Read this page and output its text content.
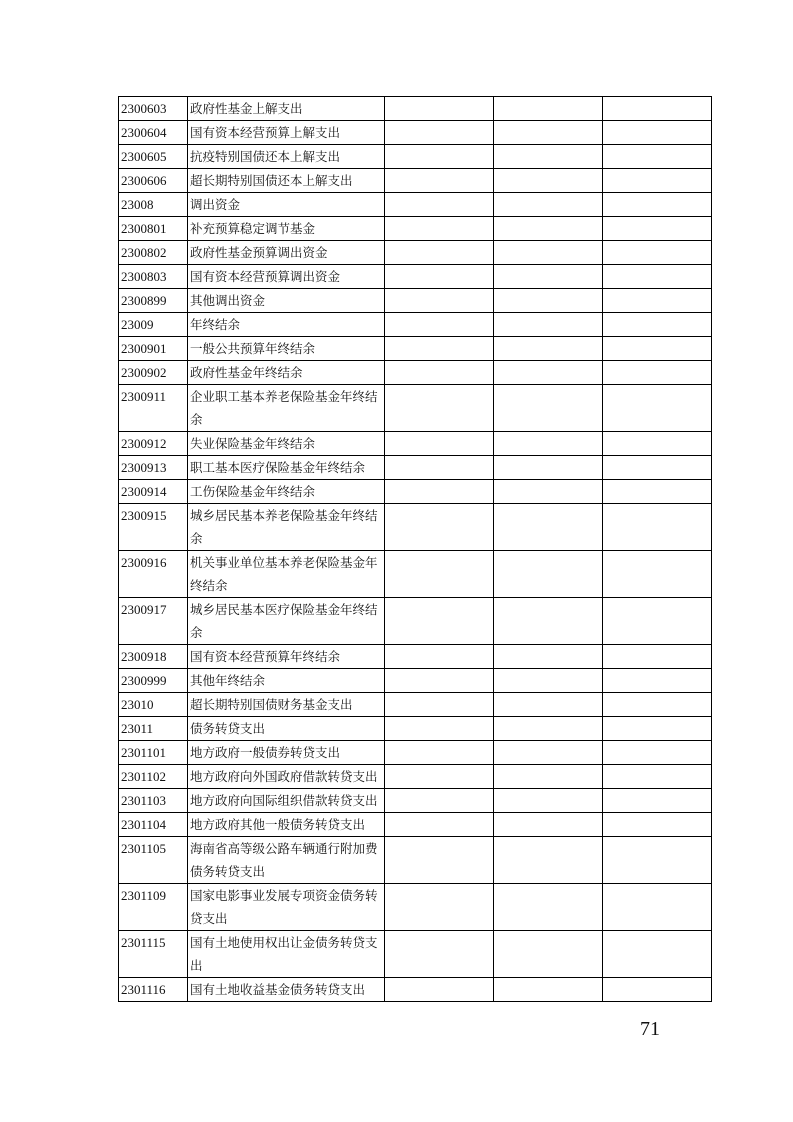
2300603	政府性基金上解支出			
2300604	国有资本经营预算上解支出			
2300605	抗疫特别国债还本上解支出			
2300606	超长期特别国债还本上解支出			
23008	调出资金			
2300801	补充预算稳定调节基金			
2300802	政府性基金预算调出资金			
2300803	国有资本经营预算调出资金			
2300899	其他调出资金			
23009	年终结余			
2300901	一般公共预算年终结余			
2300902	政府性基金年终结余			
2300911	企业职工基本养老保险基金年终结余			
2300912	失业保险基金年终结余			
2300913	职工基本医疗保险基金年终结余			
2300914	工伤保险基金年终结余			
2300915	城乡居民基本养老保险基金年终结余			
2300916	机关事业单位基本养老保险基金年终结余			
2300917	城乡居民基本医疗保险基金年终结余			
2300918	国有资本经营预算年终结余			
2300999	其他年终结余			
23010	超长期特别国债财务基金支出			
23011	债务转贷支出			
2301101	地方政府一般债券转贷支出			
2301102	地方政府向外国政府借款转贷支出			
2301103	地方政府向国际组织借款转贷支出			
2301104	地方政府其他一般债务转贷支出			
2301105	海南省高等级公路车辆通行附加费债务转贷支出			
2301109	国家电影事业发展专项资金债务转贷支出			
2301115	国有土地使用权出让金债务转贷支出			
2301116	国有土地收益基金债务转贷支出			
71
